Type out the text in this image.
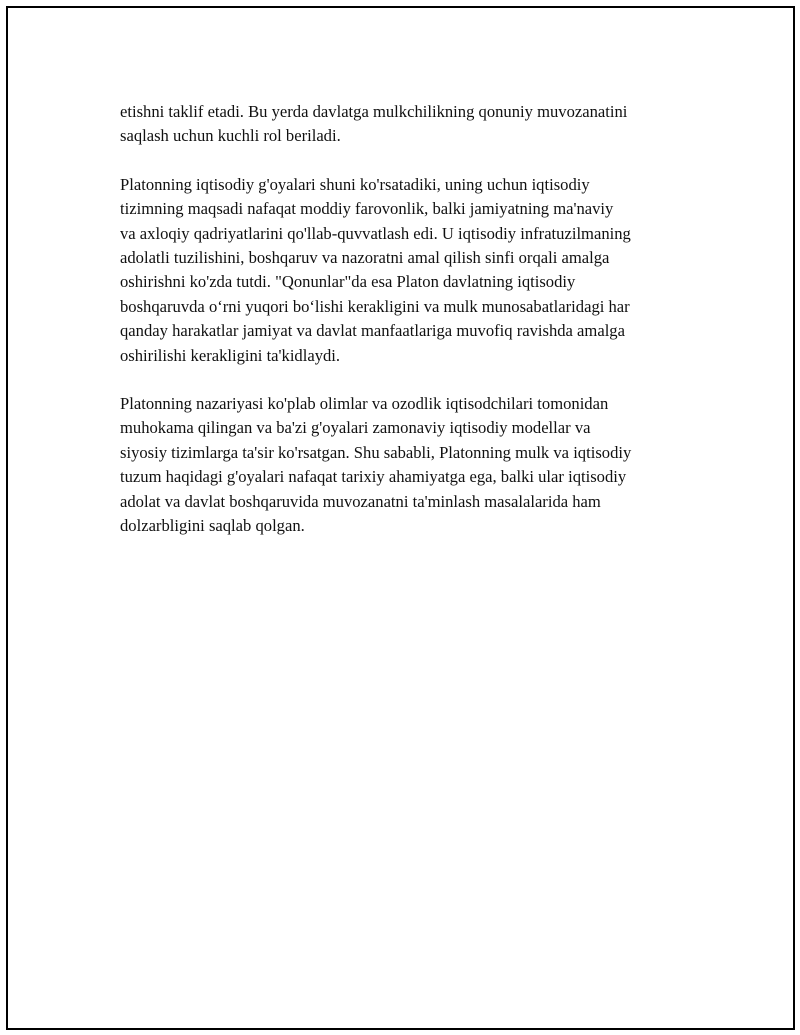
etishni taklif etadi. Bu yerda davlatga mulkchilikning qonuniy muvozanatini
saqlash uchun kuchli rol beriladi.

Platonning iqtisodiy g'oyalari shuni ko'rsatadiki, uning uchun iqtisodiy
tizimning maqsadi nafaqat moddiy farovonlik, balki jamiyatning ma'naviy
va axloqiy qadriyatlarini qo'llab-quvvatlash edi. U iqtisodiy infratuzilmaning
adolatli tuzilishini, boshqaruv va nazoratni amal qilish sinfi orqali amalga
oshirishni ko'zda tutdi. "Qonunlar"da esa Platon davlatning iqtisodiy
boshqaruvda o‘rni yuqori bo‘lishi kerakligini va mulk munosabatlaridagi har
qanday harakatlar jamiyat va davlat manfaatlariga muvofiq ravishda amalga
oshirilishi kerakligini ta'kidlaydi.

Platonning nazariyasi ko'plab olimlar va ozodlik iqtisodchilari tomonidan
muhokama qilingan va ba'zi g'oyalari zamonaviy iqtisodiy modellar va
siyosiy tizimlarga ta'sir ko'rsatgan. Shu sababli, Platonning mulk va iqtisodiy
tuzum haqidagi g'oyalari nafaqat tarixiy ahamiyatga ega, balki ular iqtisodiy
adolat va davlat boshqaruvida muvozanatni ta'minlash masalalarida ham
dolzarbligini saqlab qolgan.
